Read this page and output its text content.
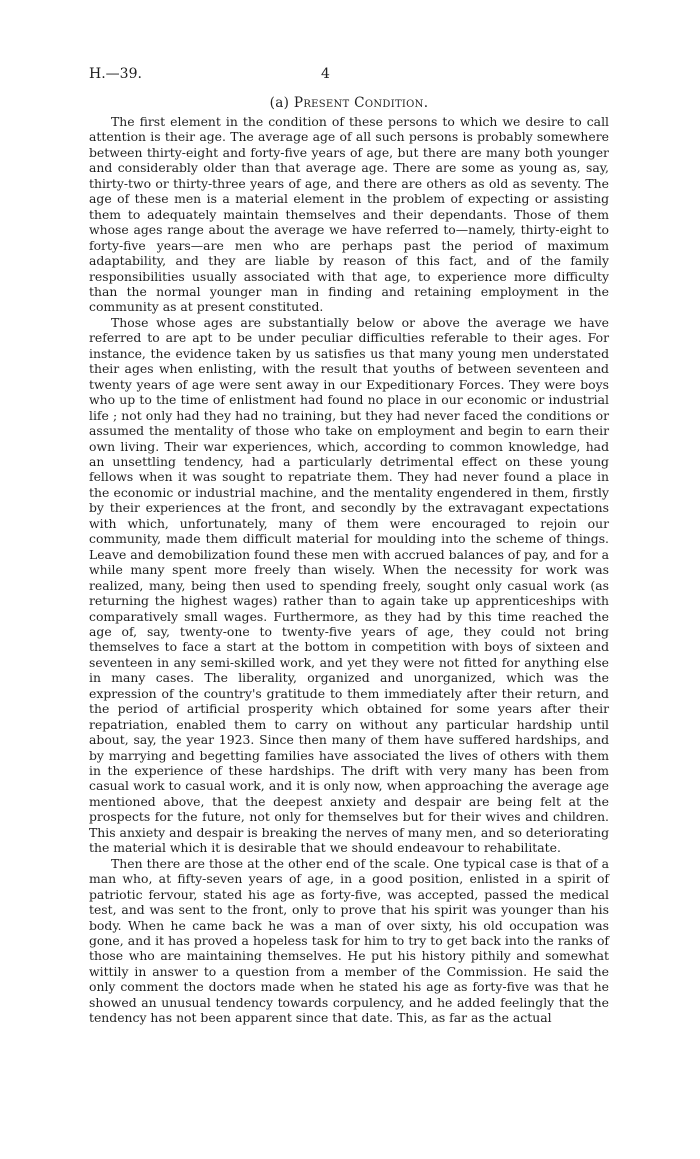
H.—39.	4
(a) Present Condition.

The first element in the condition of these persons to which we desire to call attention is their age. The average age of all such persons is probably somewhere between thirty-eight and forty-five years of age, but there are many both younger and considerably older than that average age. There are some as young as, say, thirty-two or thirty-three years of age, and there are others as old as seventy. The age of these men is a material element in the problem of expecting or assisting them to adequately maintain themselves and their dependants. Those of them whose ages range about the average we have referred to—namely, thirty-eight to forty-five years—are men who are perhaps past the period of maximum adaptability, and they are liable by reason of this fact, and of the family responsibilities usually associated with that age, to experience more difficulty than the normal younger man in finding and retaining employment in the community as at present constituted.

Those whose ages are substantially below or above the average we have referred to are apt to be under peculiar difficulties referable to their ages. For instance, the evidence taken by us satisfies us that many young men understated their ages when enlisting, with the result that youths of between seventeen and twenty years of age were sent away in our Expeditionary Forces. They were boys who up to the time of enlistment had found no place in our economic or industrial life ; not only had they had no training, but they had never faced the conditions or assumed the mentality of those who take on employment and begin to earn their own living. Their war experiences, which, according to common knowledge, had an unsettling tendency, had a particularly detrimental effect on these young fellows when it was sought to repatriate them. They had never found a place in the economic or industrial machine, and the mentality engendered in them, firstly by their experiences at the front, and secondly by the extravagant expectations with which, unfortunately, many of them were encouraged to rejoin our community, made them difficult material for moulding into the scheme of things. Leave and demobilization found these men with accrued balances of pay, and for a while many spent more freely than wisely. When the necessity for work was realized, many, being then used to spending freely, sought only casual work (as returning the highest wages) rather than to again take up apprenticeships with comparatively small wages. Furthermore, as they had by this time reached the age of, say, twenty-one to twenty-five years of age, they could not bring themselves to face a start at the bottom in competition with boys of sixteen and seventeen in any semi-skilled work, and yet they were not fitted for anything else in many cases. The liberality, organized and unorganized, which was the expression of the country's gratitude to them immediately after their return, and the period of artificial prosperity which obtained for some years after their repatriation, enabled them to carry on without any particular hardship until about, say, the year 1923. Since then many of them have suffered hardships, and by marrying and begetting families have associated the lives of others with them in the experience of these hardships. The drift with very many has been from casual work to casual work, and it is only now, when approaching the average age mentioned above, that the deepest anxiety and despair are being felt at the prospects for the future, not only for themselves but for their wives and children. This anxiety and despair is breaking the nerves of many men, and so deteriorating the material which it is desirable that we should endeavour to rehabilitate.

Then there are those at the other end of the scale. One typical case is that of a man who, at fifty-seven years of age, in a good position, enlisted in a spirit of patriotic fervour, stated his age as forty-five, was accepted, passed the medical test, and was sent to the front, only to prove that his spirit was younger than his body. When he came back he was a man of over sixty, his old occupation was gone, and it has proved a hopeless task for him to try to get back into the ranks of those who are maintaining themselves. He put his history pithily and somewhat wittily in answer to a question from a member of the Commission. He said the only comment the doctors made when he stated his age as forty-five was that he showed an unusual tendency towards corpulency, and he added feelingly that the tendency has not been apparent since that date. This, as far as the actual
